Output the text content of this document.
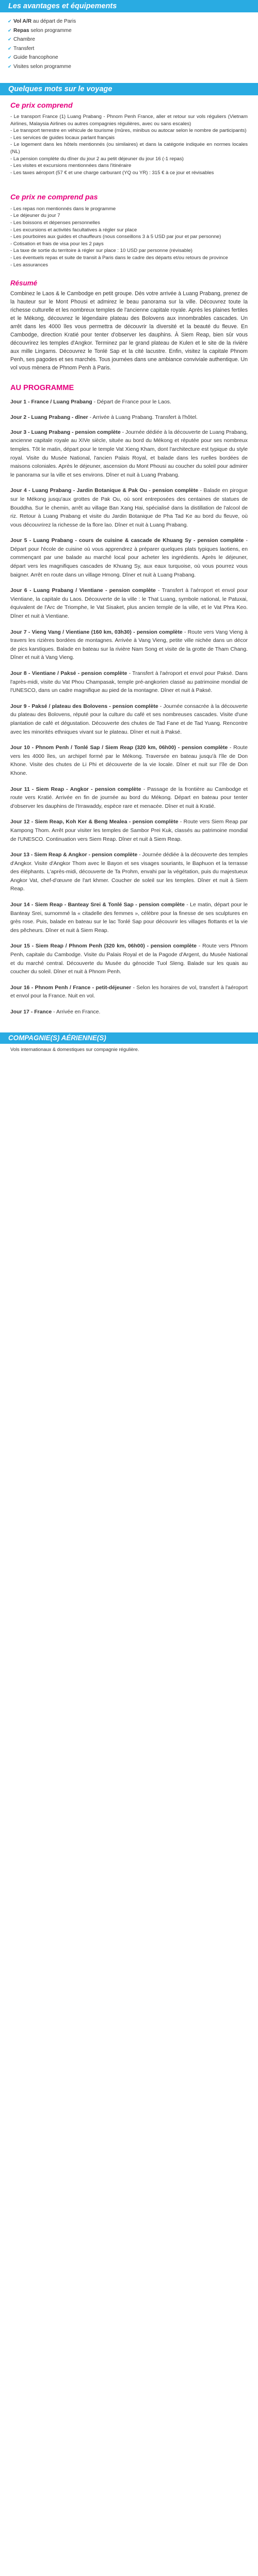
Les avantages et équipements
✔ Vol A/R au départ de Paris
✔ Repas selon programme
✔ Chambre
✔ Transfert
✔ Guide francophone
✔ Visites selon programme
Quelques mots sur le voyage
Ce prix comprend

- Le transport France (1) Luang Prabang - Phnom Penh France, aller et retour sur vols réguliers (Vietnam Airlines, Malaysia Airlines ou autres compagnies régulières, avec ou sans escales)

- Le transport terrestre en véhicule de tourisme (mûres, minibus ou autocar selon le nombre de participants)

- Les services de guides locaux parlant français

- Le logement dans les hôtels mentionnés (ou similaires) et dans la catégorie indiquée en normes locales (NL)

- La pension complète du dîner du jour 2 au petit déjeuner du jour 16 (-1 repas)

- Les visites et excursions mentionnées dans l'itinéraire

- Les taxes aéroport (57 € et une charge carburant (YQ ou YR) : 315 € à ce jour et révisables

Ce prix ne comprend pas

- Les repas non mentionnés dans le programme

- Le déjeuner du jour 7

- Les boissons et dépenses personnelles

- Les excursions et activités facultatives à régler sur place

- Les pourboires aux guides et chauffeurs (nous conseillons 3 à 5 USD par jour et par personne)

- Cotisation et frais de visa pour les 2 pays

- La taxe de sortie du territoire à régler sur place : 10 USD par personne (révisable)

- Les éventuels repas et suite de transit à Paris dans le cadre des départs et/ou retours de province

- Les assurances

Résumé

Combinez le Laos & le Cambodge en petit groupe. Dès votre arrivée à Luang Prabang, prenez de la hauteur sur le Mont Phousi et admirez le beau panorama sur la ville. Découvrez toute la richesse culturelle et les nombreux temples de l'ancienne capitale royale. Après les plaines fertiles et le Mékong, découvrez le légendaire plateau des Bolovens aux innombrables cascades. Un arrêt dans les 4000 îles vous permettra de découvrir la diversité et la beauté du fleuve. En Cambodge, direction Kratié pour tenter d'observer les dauphins. À Siem Reap, bien sûr vous découvrirez les temples d'Angkor. Terminez par le grand plateau de Kulen et le site de la rivière aux mille Lingams. Découvrez le Tonlé Sap et la cité lacustre. Enfin, visitez la capitale Phnom Penh, ses pagodes et ses marchés. Tous journées dans une ambiance conviviale authentique. Un vol vous mènera de Phnom Penh à Paris.

AU PROGRAMME

Jour 1 - France / Luang Prabang - Départ de France pour le Laos.

Jour 2 - Luang Prabang - dîner - Arrivée à Luang Prabang. Transfert à l'hôtel.

Jour 3 - Luang Prabang - pension complète - Journée dédiée à la découverte de Luang Prabang, ancienne capitale royale au XIVe siècle, située au bord du Mékong et réputée pour ses nombreux temples. Tôt le matin, départ pour le temple Vat Xieng Kham, dont l'architecture est typique du style royal. Visite du Musée National, l'ancien Palais Royal, et balade dans les ruelles bordées de maisons coloniales. Après le déjeuner, ascension du Mont Phousi au coucher du soleil pour admirer le panorama sur la ville et ses environs. Dîner et nuit à Luang Prabang.

Jour 4 - Luang Prabang - Jardin Botanique & Pak Ou - pension complète - Balade en pirogue sur le Mékong jusqu'aux grottes de Pak Ou, où sont entreposées des centaines de statues de Bouddha. Sur le chemin, arrêt au village Ban Xang Hai, spécialisé dans la distillation de l'alcool de riz. Retour à Luang Prabang et visite du Jardin Botanique de Pha Tad Ke au bord du fleuve, où vous découvrirez la richesse de la flore lao. Dîner et nuit à Luang Prabang.

Jour 5 - Luang Prabang - cours de cuisine & cascade de Khuang Sy - pension complète - Départ pour l'école de cuisine où vous apprendrez à préparer quelques plats typiques laotiens, en commençant par une balade au marché local pour acheter les ingrédients. Après le déjeuner, départ vers les magnifiques cascades de Khuang Sy, aux eaux turquoise, où vous pourrez vous baigner. Arrêt en route dans un village Hmong. Dîner et nuit à Luang Prabang.

Jour 6 - Luang Prabang / Vientiane - pension complète - Transfert à l'aéroport et envol pour Vientiane, la capitale du Laos. Découverte de la ville : le That Luang, symbole national, le Patuxai, équivalent de l'Arc de Triomphe, le Vat Sisaket, plus ancien temple de la ville, et le Vat Phra Keo. Dîner et nuit à Vientiane.

Jour 7 - Vieng Vang / Vientiane (160 km, 03h30) - pension complète - Route vers Vang Vieng à travers les rizières bordées de montagnes. Arrivée à Vang Vieng, petite ville nichée dans un décor de pics karstiques. Balade en bateau sur la rivière Nam Song et visite de la grotte de Tham Chang. Dîner et nuit à Vang Vieng.

Jour 8 - Vientiane / Paksé - pension complète - Transfert à l'aéroport et envol pour Paksé. Dans l'après-midi, visite du Vat Phou Champasak, temple pré-angkorien classé au patrimoine mondial de l'UNESCO, dans un cadre magnifique au pied de la montagne. Dîner et nuit à Paksé.

Jour 9 - Paksé / plateau des Bolovens - pension complète - Journée consacrée à la découverte du plateau des Bolovens, réputé pour la culture du café et ses nombreuses cascades. Visite d'une plantation de café et dégustation. Découverte des chutes de Tad Fane et de Tad Yuang. Rencontre avec les minorités ethniques vivant sur le plateau. Dîner et nuit à Paksé.

Jour 10 - Phnom Penh / Tonlé Sap / Siem Reap (320 km, 06h00) - pension complète - Route vers les 4000 îles, un archipel formé par le Mékong. Traversée en bateau jusqu'à l'île de Don Khone. Visite des chutes de Li Phi et découverte de la vie locale. Dîner et nuit sur l'île de Don Khone.

Jour 11 - Siem Reap - Angkor - pension complète - Passage de la frontière au Cambodge et route vers Kratié. Arrivée en fin de journée au bord du Mékong. Départ en bateau pour tenter d'observer les dauphins de l'Irrawaddy, espèce rare et menacée. Dîner et nuit à Kratié.

Jour 12 - Siem Reap, Koh Ker & Beng Mealea - pension complète - Route vers Siem Reap par Kampong Thom. Arrêt pour visiter les temples de Sambor Prei Kuk, classés au patrimoine mondial de l'UNESCO. Continuation vers Siem Reap. Dîner et nuit à Siem Reap.

Jour 13 - Siem Reap & Angkor - pension complète - Journée dédiée à la découverte des temples d'Angkor. Visite d'Angkor Thom avec le Bayon et ses visages souriants, le Baphuon et la terrasse des éléphants. L'après-midi, découverte de Ta Prohm, envahi par la végétation, puis du majestueux Angkor Vat, chef-d'œuvre de l'art khmer. Coucher de soleil sur les temples. Dîner et nuit à Siem Reap.

Jour 14 - Siem Reap - Banteay Srei & Tonlé Sap - pension complète - Le matin, départ pour le Banteay Srei, surnommé la « citadelle des femmes », célèbre pour la finesse de ses sculptures en grès rose. Puis, balade en bateau sur le lac Tonlé Sap pour découvrir les villages flottants et la vie des pêcheurs. Dîner et nuit à Siem Reap.

Jour 15 - Siem Reap / Phnom Penh (320 km, 06h00) - pension complète - Route vers Phnom Penh, capitale du Cambodge. Visite du Palais Royal et de la Pagode d'Argent, du Musée National et du marché central. Découverte du Musée du génocide Tuol Sleng. Balade sur les quais au coucher du soleil. Dîner et nuit à Phnom Penh.

Jour 16 - Phnom Penh / France - petit-déjeuner - Selon les horaires de vol, transfert à l'aéroport et envol pour la France. Nuit en vol.

Jour 17 - France - Arrivée en France.

COMPAGNIE(S) AÉRIENNE(S)

Vols internationaux & domestiques sur compagnie régulière.
